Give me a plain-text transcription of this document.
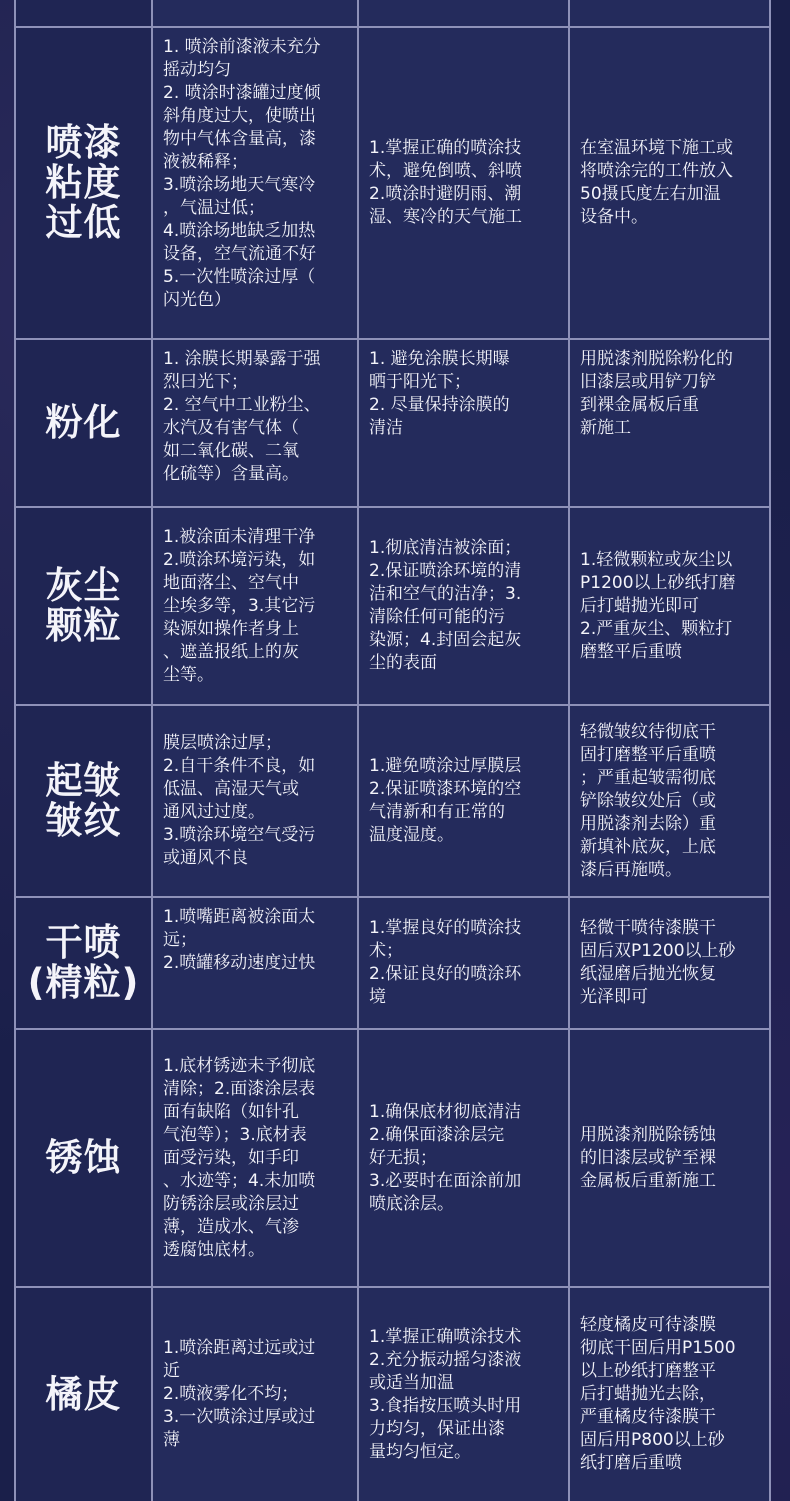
喷漆
粘度
过低
1. 喷涂前漆液未充分
摇动均匀
2. 喷涂时漆罐过度倾
斜角度过大，使喷出
物中气体含量高，漆
液被稀释；
3.喷涂场地天气寒冷
，气温过低；
4.喷涂场地缺乏加热
设备，空气流通不好
5.一次性喷涂过厚（
闪光色）
1.掌握正确的喷涂技
术，避免倒喷、斜喷
2.喷涂时避阴雨、潮
湿、寒冷的天气施工
在室温环境下施工或
将喷涂完的工件放入
50摄氏度左右加温
设备中。
粉化
1. 涂膜长期暴露于强
烈曰光下；
2. 空气中工业粉尘、
水汽及有害气体（
如二氧化碳、二氧
化硫等）含量高。
1. 避免涂膜长期曝
晒于阳光下；
2. 尽量保持涂膜的
清洁
用脱漆剂脱除粉化的
旧漆层或用铲刀铲
到裸金属板后重
新施工
灰尘
颗粒
1.被涂面未清理干净
2.喷涂环境污染，如
地面落尘、空气中
尘埃多等，3.其它污
染源如操作者身上
、遮盖报纸上的灰
尘等。
1.彻底清洁被涂面；
2.保证喷涂环境的清
洁和空气的洁净；3.
清除任何可能的污
染源；4.封固会起灰
尘的表面
1.轻微颗粒或灰尘以
P1200以上砂纸打磨
后打蜡抛光即可
2.严重灰尘、颗粒打
磨整平后重喷
起皱
皱纹
膜层喷涂过厚；
2.自干条件不良，如
低温、高湿天气或
通风过过度。
3.喷涂环境空气受污
或通风不良
1.避免喷涂过厚膜层
2.保证喷漆环境的空
气清新和有正常的
温度湿度。
轻微皱纹待彻底干
固打磨整平后重喷
；严重起皱需彻底
铲除皱纹处后（或
用脱漆剂去除）重
新填补底灰，上底
漆后再施喷。
干喷
(精粒)
1.喷嘴距离被涂面太
远；
2.喷罐移动速度过快
1.掌握良好的喷涂技
术；
2.保证良好的喷涂环
境
轻微干喷待漆膜干
固后双P1200以上砂
纸湿磨后抛光恢复
光泽即可
锈蚀
1.底材锈迹未予彻底
清除；2.面漆涂层表
面有缺陷（如针孔
气泡等）；3.底材表
面受污染，如手印
、水迹等；4.未加喷
防锈涂层或涂层过
薄，造成水、气渗
透腐蚀底材。
1.确保底材彻底清洁
2.确保面漆涂层完
好无损；
3.必要时在面涂前加
喷底涂层。
用脱漆剂脱除锈蚀
的旧漆层或铲至裸
金属板后重新施工
橘皮
1.喷涂距离过远或过
近
2.喷液雾化不均；
3.一次喷涂过厚或过
薄
1.掌握正确喷涂技术
2.充分振动摇匀漆液
或适当加温
3.食指按压喷头时用
力均匀，保证出漆
量均匀恒定。
轻度橘皮可待漆膜
彻底干固后用P1500
以上砂纸打磨整平
后打蜡抛光去除，
严重橘皮待漆膜干
固后用P800以上砂
纸打磨后重喷
